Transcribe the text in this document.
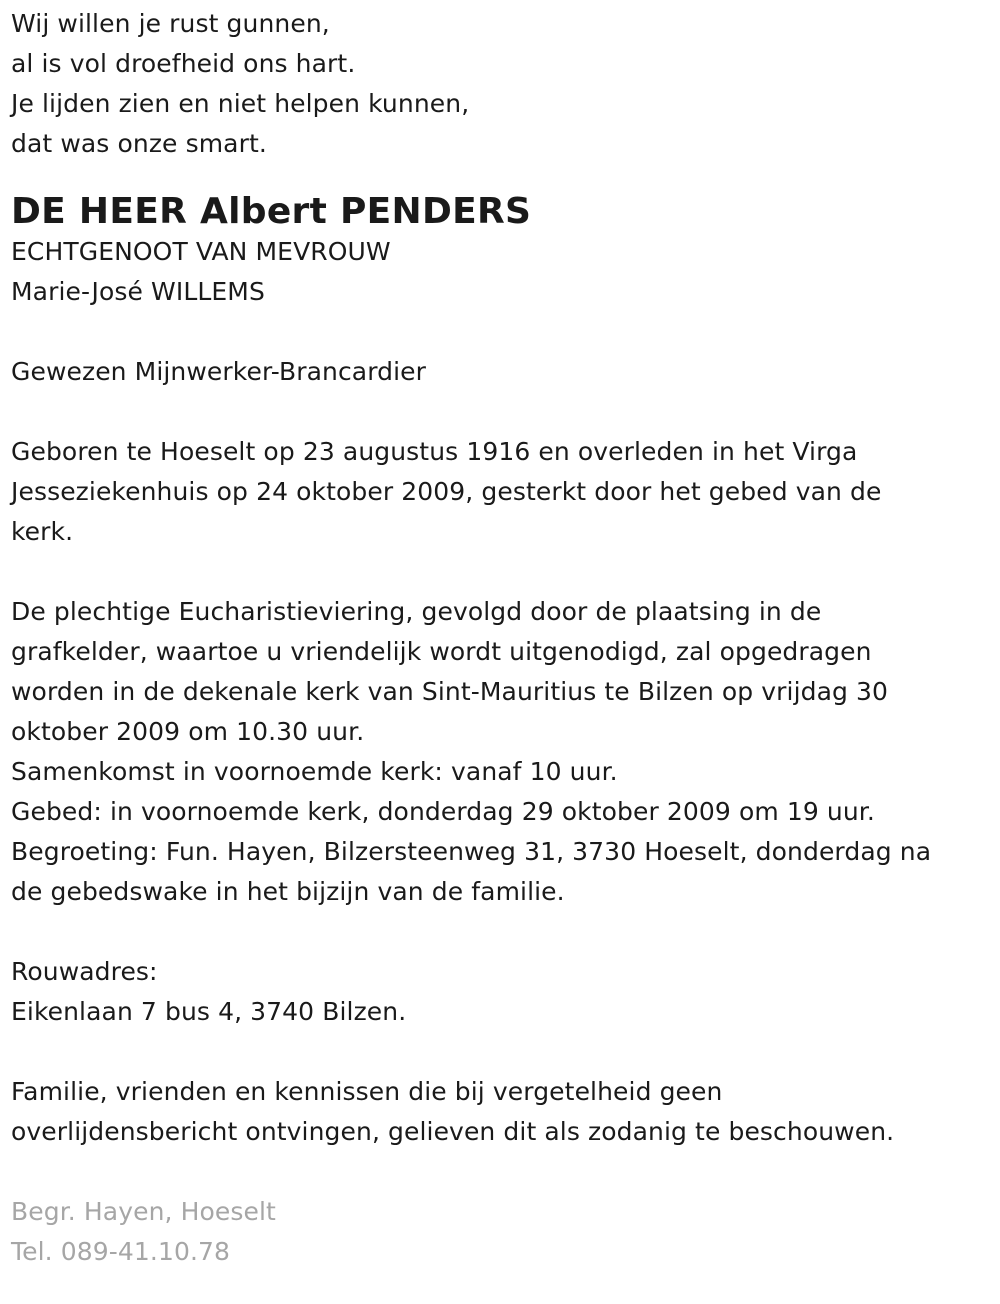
Wij willen je rust gunnen,
al is vol droefheid ons hart.
Je lijden zien en niet helpen kunnen,
dat was onze smart.
DE HEER Albert PENDERS
ECHTGENOOT VAN MEVROUW
Marie-José WILLEMS
Gewezen Mijnwerker-Brancardier
Geboren te Hoeselt op 23 augustus 1916 en overleden in het Virga
Jesseziekenhuis op 24 oktober 2009, gesterkt door het gebed van de
kerk.
De plechtige Eucharistieviering, gevolgd door de plaatsing in de
grafkelder, waartoe u vriendelijk wordt uitgenodigd, zal opgedragen
worden in de dekenale kerk van Sint-Mauritius te Bilzen op vrijdag 30
oktober 2009 om 10.30 uur.
Samenkomst in voornoemde kerk: vanaf 10 uur.
Gebed: in voornoemde kerk, donderdag 29 oktober 2009 om 19 uur.
Begroeting: Fun. Hayen, Bilzersteenweg 31, 3730 Hoeselt, donderdag na
de gebedswake in het bijzijn van de familie.
Rouwadres:
Eikenlaan 7 bus 4, 3740 Bilzen.
Familie, vrienden en kennissen die bij vergetelheid geen
overlijdensbericht ontvingen, gelieven dit als zodanig te beschouwen.
Begr. Hayen, Hoeselt
Tel. 089-41.10.78
